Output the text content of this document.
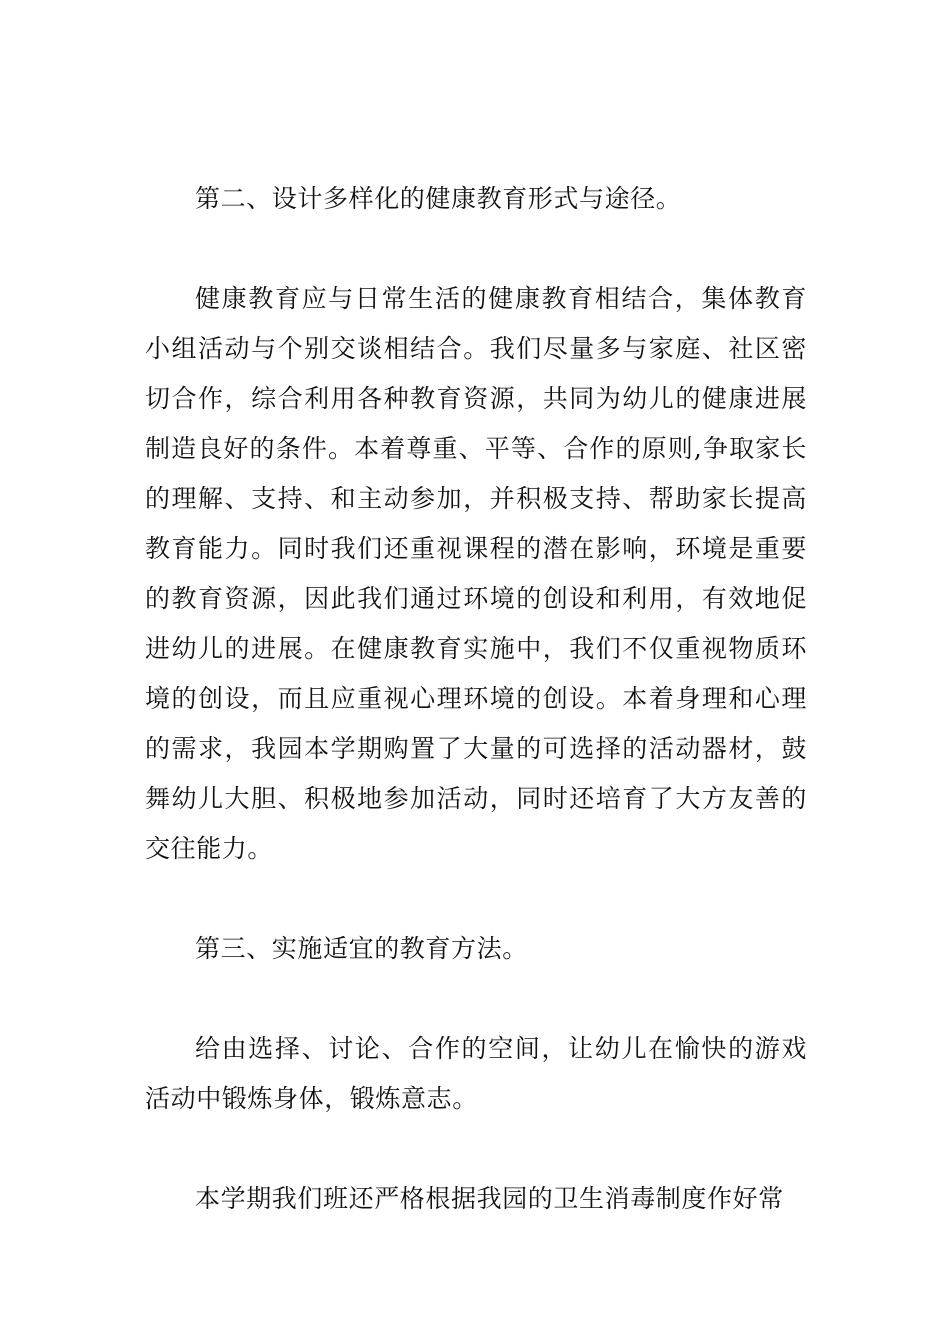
第二、设计多样化的健康教育形式与途径。

健康教育应与日常生活的健康教育相结合，集体教育小组活动与个别交谈相结合。我们尽量多与家庭、社区密切合作，综合利用各种教育资源，共同为幼儿的健康进展制造良好的条件。本着尊重、平等、合作的原则,争取家长的理解、支持、和主动参加，并积极支持、帮助家长提高教育能力。同时我们还重视课程的潜在影响，环境是重要的教育资源，因此我们通过环境的创设和利用，有效地促进幼儿的进展。在健康教育实施中，我们不仅重视物质环境的创设，而且应重视心理环境的创设。本着身理和心理的需求，我园本学期购置了大量的可选择的活动器材，鼓舞幼儿大胆、积极地参加活动，同时还培育了大方友善的交往能力。

第三、实施适宜的教育方法。

给由选择、讨论、合作的空间，让幼儿在愉快的游戏活动中锻炼身体，锻炼意志。

本学期我们班还严格根据我园的卫生消毒制度作好常
